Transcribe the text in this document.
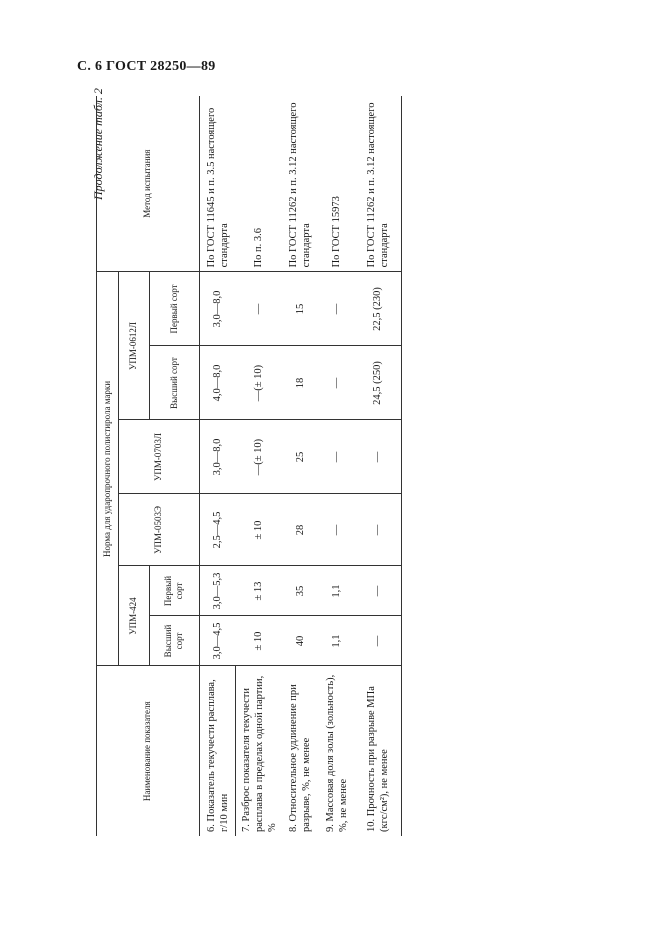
С. 6 ГОСТ 28250—89
Продолжение табл. 2
Наименование показателя	Норма для ударопрочного полистирола марки						Метод испытания
	УПМ-424		УПМ-0503Э	УПМ-0703Л	УПМ-0612Л		
	Высший сорт	Первый сорт			Высший сорт	Первый сорт	
6. Показатель текучести расплава, г/10 мин	3,0—4,5	3,0—5,3	2,5—4,5	3,0—8,0	4,0—8,0	3,0—8,0	По ГОСТ 11645 и п. 3.5 настоящего стандарта
7. Разброс показателя текучести расплава в пределах одной партии, %	± 10	± 13	± 10	—(± 10)	—(± 10)	—	По п. 3.6
8. Относительное удлинение при разрыве, %, не менее	40	35	28	25	18	15	По ГОСТ 11262 и п. 3.12 настоящего стандарта
9. Массовая доля золы (зольность), %, не менее	1,1	1,1	—	—	—	—	По ГОСТ 15973
10. Прочность при разрыве МПа (кгс/см²), не менее	—	—	—	—	24,5 (250)	22,5 (230)	По ГОСТ 11262 и п. 3.12 настоящего стандарта
